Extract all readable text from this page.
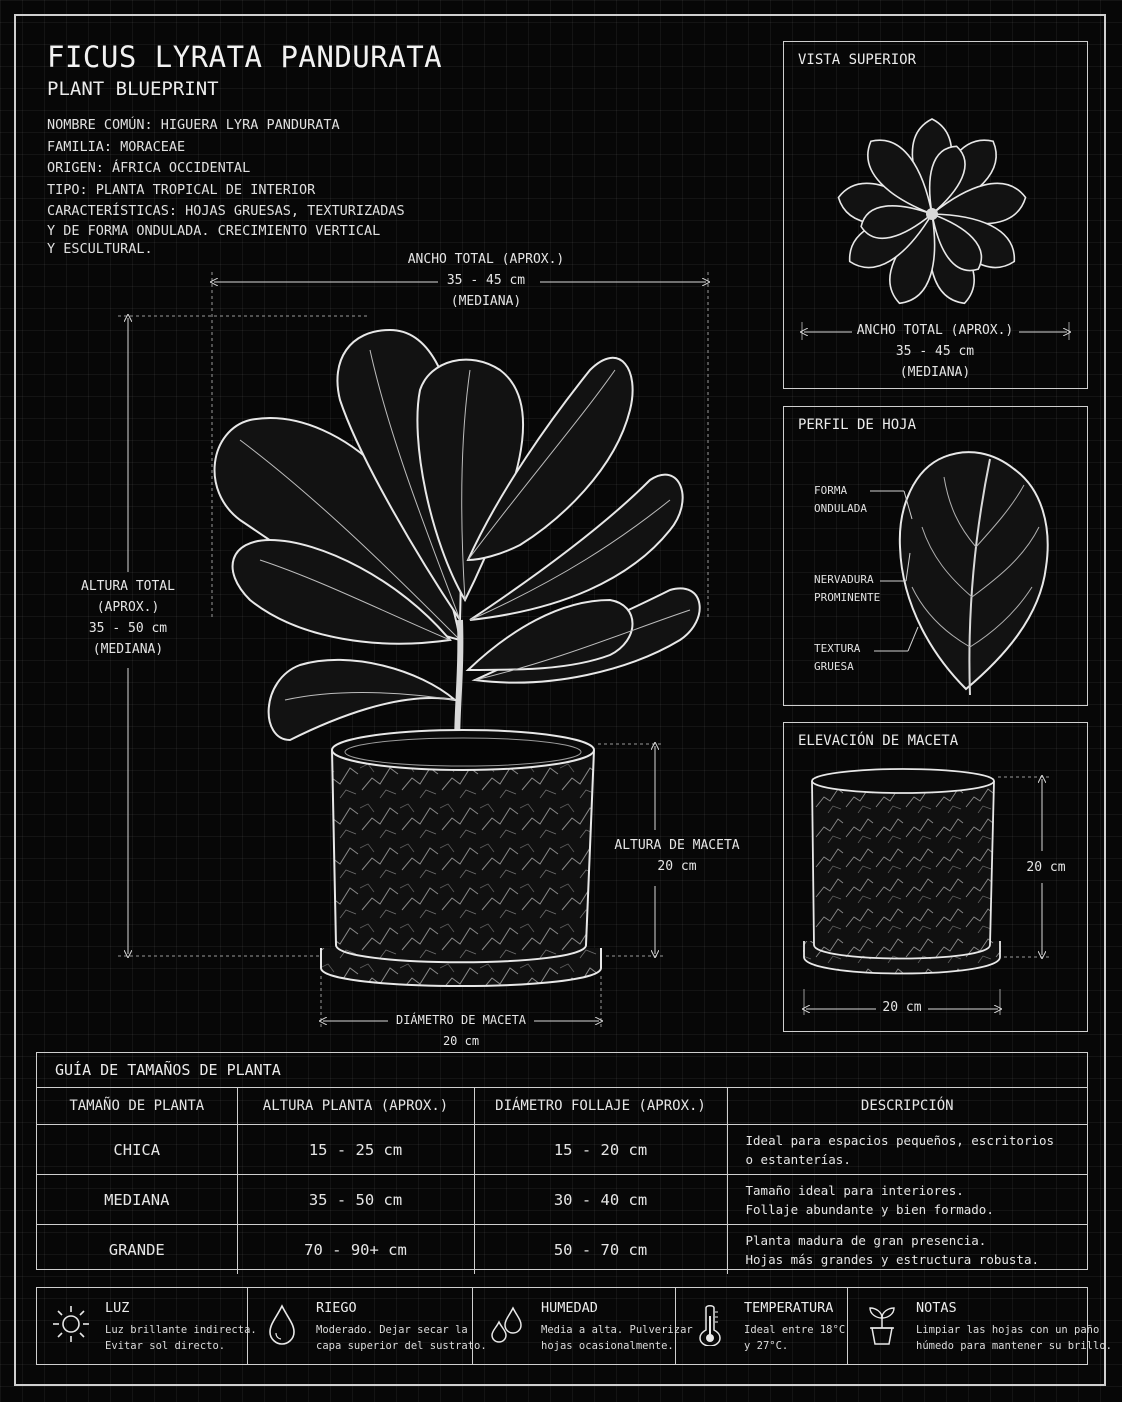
FICUS LYRATA PANDURATA
PLANT BLUEPRINT
NOMBRE COMÚN: HIGUERA LYRA PANDURATA
FAMILIA: MORACEAE
ORIGEN: ÁFRICA OCCIDENTAL
TIPO: PLANTA TROPICAL DE INTERIOR
CARACTERÍSTICAS: HOJAS GRUESAS, TEXTURIZADAS
Y DE FORMA ONDULADA. CRECIMIENTO VERTICAL
Y ESCULTURAL.
ANCHO TOTAL (APROX.)
35 - 45 cm
(MEDIANA)
ALTURA TOTAL
(APROX.)
35 - 50 cm
(MEDIANA)
ALTURA DE MACETA
20 cm
DIÁMETRO DE MACETA
20 cm
VISTA SUPERIOR
ANCHO TOTAL (APROX.)
35 - 45 cm
(MEDIANA)
PERFIL DE HOJA
FORMA
ONDULADA
NERVADURA
PROMINENTE
TEXTURA
GRUESA
ELEVACIÓN DE MACETA
20 cm
20 cm
GUÍA DE TAMAÑOS DE PLANTA
TAMAÑO DE PLANTA	ALTURA PLANTA (APROX.)	DIÁMETRO FOLLAJE (APROX.)	DESCRIPCIÓN
CHICA	15 - 25 cm	15 - 20 cm	Ideal para espacios pequeños, escritorios
o estanterías.

MEDIANA	35 - 50 cm	30 - 40 cm	Tamaño ideal para interiores.
Follaje abundante y bien formado.

GRANDE	70 - 90+ cm	50 - 70 cm	Planta madura de gran presencia.
Hojas más grandes y estructura robusta.
LUZ
Luz brillante indirecta.
Evitar sol directo.
RIEGO
Moderado. Dejar secar la
capa superior del sustrato.
HUMEDAD
Media a alta. Pulverizar
hojas ocasionalmente.
TEMPERATURA
Ideal entre 18°C
y 27°C.
NOTAS
Limpiar las hojas con un paño
húmedo para mantener su brillo.
